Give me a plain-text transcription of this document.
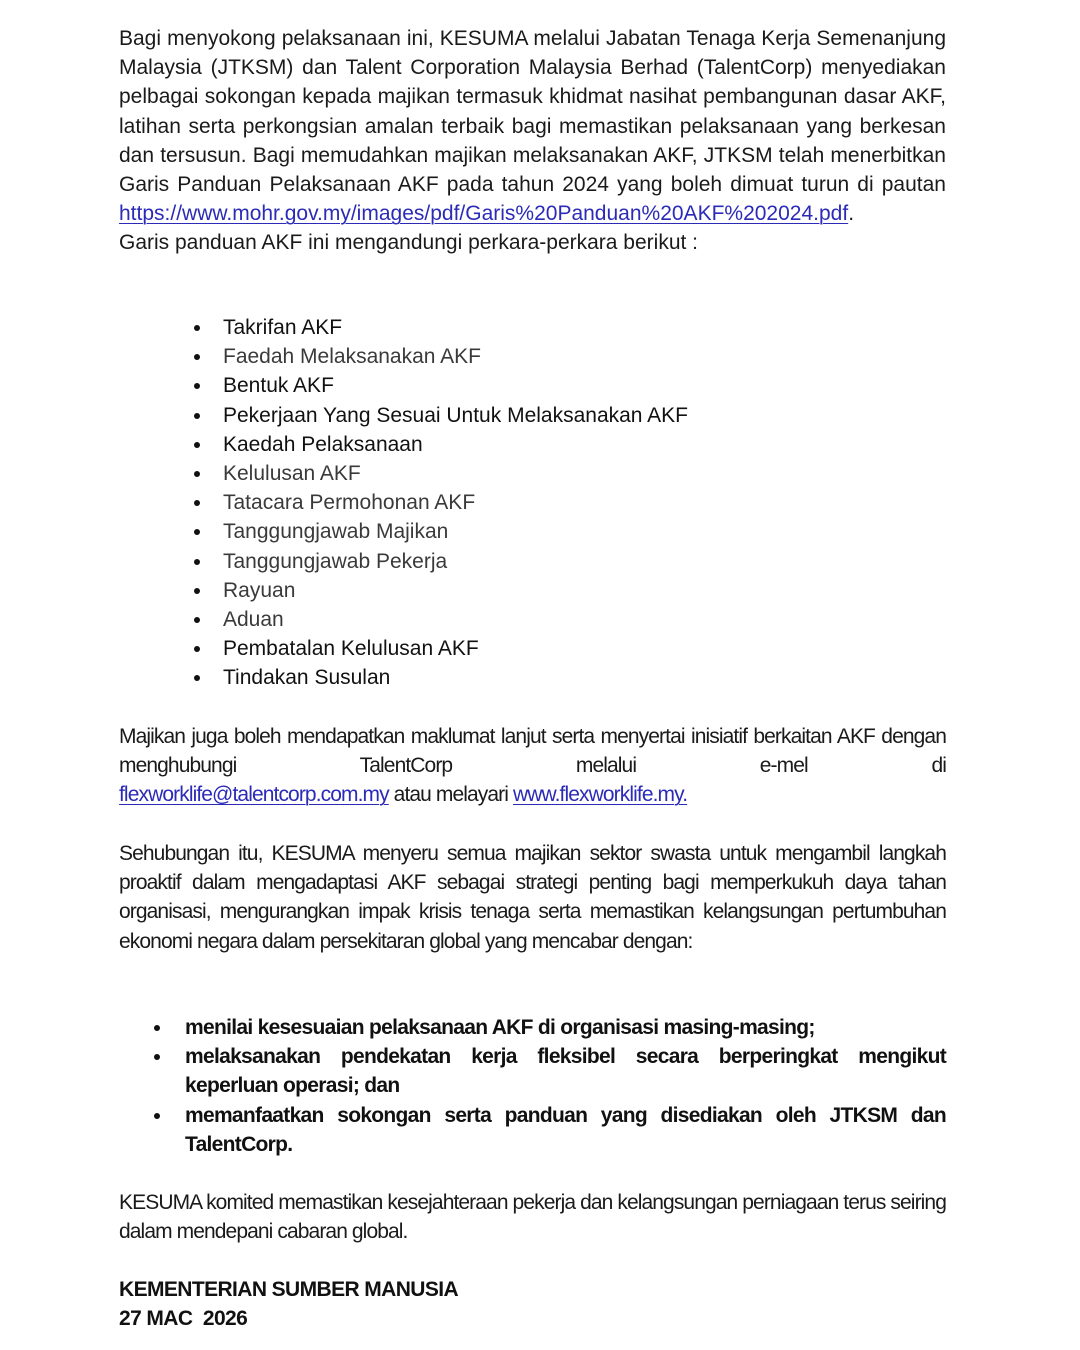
Bagi menyokong pelaksanaan ini, KESUMA melalui Jabatan Tenaga Kerja Semenanjung Malaysia (JTKSM) dan Talent Corporation Malaysia Berhad (TalentCorp) menyediakan pelbagai sokongan kepada majikan termasuk khidmat nasihat pembangunan dasar AKF, latihan serta perkongsian amalan terbaik bagi memastikan pelaksanaan yang berkesan dan tersusun. Bagi memudahkan majikan melaksanakan AKF, JTKSM telah menerbitkan Garis Panduan Pelaksanaan AKF pada tahun 2024 yang boleh dimuat turun di pautan https://www.mohr.gov.my/images/pdf/Garis%20Panduan%20AKF%202024.pdf.
Garis panduan AKF ini mengandungi perkara-perkara berikut :

Takrifan AKF
Faedah Melaksanakan AKF
Bentuk AKF
Pekerjaan Yang Sesuai Untuk Melaksanakan AKF
Kaedah Pelaksanaan
Kelulusan AKF
Tatacara Permohonan AKF
Tanggungjawab Majikan
Tanggungjawab Pekerja
Rayuan
Aduan
Pembatalan Kelulusan AKF
Tindakan Susulan

Majikan juga boleh mendapatkan maklumat lanjut serta menyertai inisiatif berkaitan AKF dengan menghubungi TalentCorp melalui e-mel di
flexworklife@talentcorp.com.my atau melayari www.flexworklife.my.

Sehubungan itu, KESUMA menyeru semua majikan sektor swasta untuk mengambil langkah proaktif dalam mengadaptasi AKF sebagai strategi penting bagi memperkukuh daya tahan organisasi, mengurangkan impak krisis tenaga serta memastikan kelangsungan pertumbuhan ekonomi negara dalam persekitaran global yang mencabar dengan:

menilai kesesuaian pelaksanaan AKF di organisasi masing-masing;
melaksanakan pendekatan kerja fleksibel secara berperingkat mengikut keperluan operasi; dan
memanfaatkan sokongan serta panduan yang disediakan oleh JTKSM dan TalentCorp.

KESUMA komited memastikan kesejahteraan pekerja dan kelangsungan perniagaan terus seiring dalam mendepani cabaran global.

KEMENTERIAN SUMBER MANUSIA

27 MAC  2026
